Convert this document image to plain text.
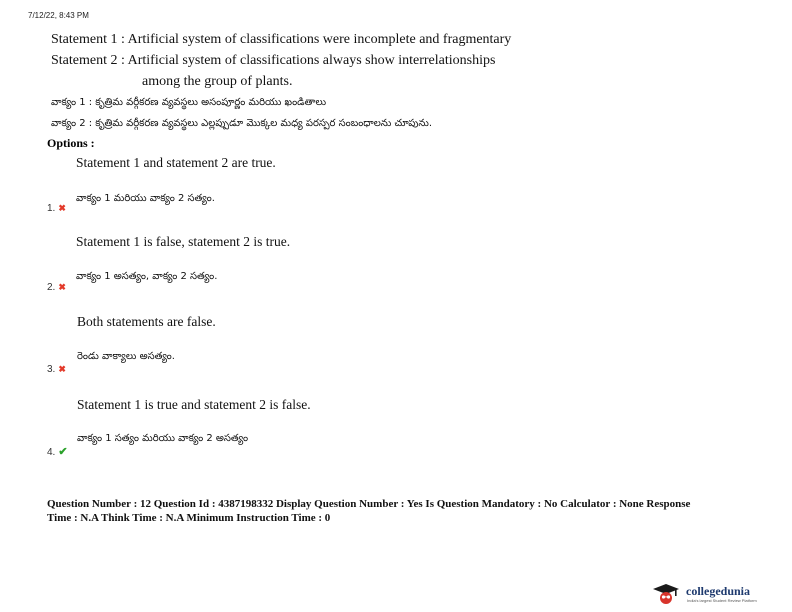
7/12/22, 8:43 PM
Statement 1 : Artificial system of classifications were incomplete and fragmentary
Statement 2 : Artificial system of classifications always show interrelationships
among the group of plants.
వాక్యం 1 : కృత్రిమ వర్గీకరణ వ్యవస్థలు అసంపూర్ణం మరియు ఖండితాలు
వాక్యం 2 : కృత్రిమ వర్గీకరణ వ్యవస్థలు ఎల్లప్పుడూ మొక్కల మధ్య పరస్పర సంబంధాలను చూపును.
Options :
Statement 1 and statement 2 are true.
వాక్యం 1 మరియు వాక్యం 2 సత్యం.
1. ✖
Statement 1 is false, statement 2 is true.
వాక్యం 1 అసత్యం, వాక్యం 2 సత్యం.
2. ✖
Both statements are false.
రెండు వాక్యాలు అసత్యం.
3. ✖
Statement 1 is true and statement 2 is false.
వాక్యం 1 సత్యం మరియు వాక్యం 2 అసత్యం
4. ✔
Question Number : 12 Question Id : 4387198332 Display Question Number : Yes Is Question Mandatory : No Calculator : None Response
Time : N.A Think Time : N.A Minimum Instruction Time : 0
collegedunia
India's largest Student Review Platform
